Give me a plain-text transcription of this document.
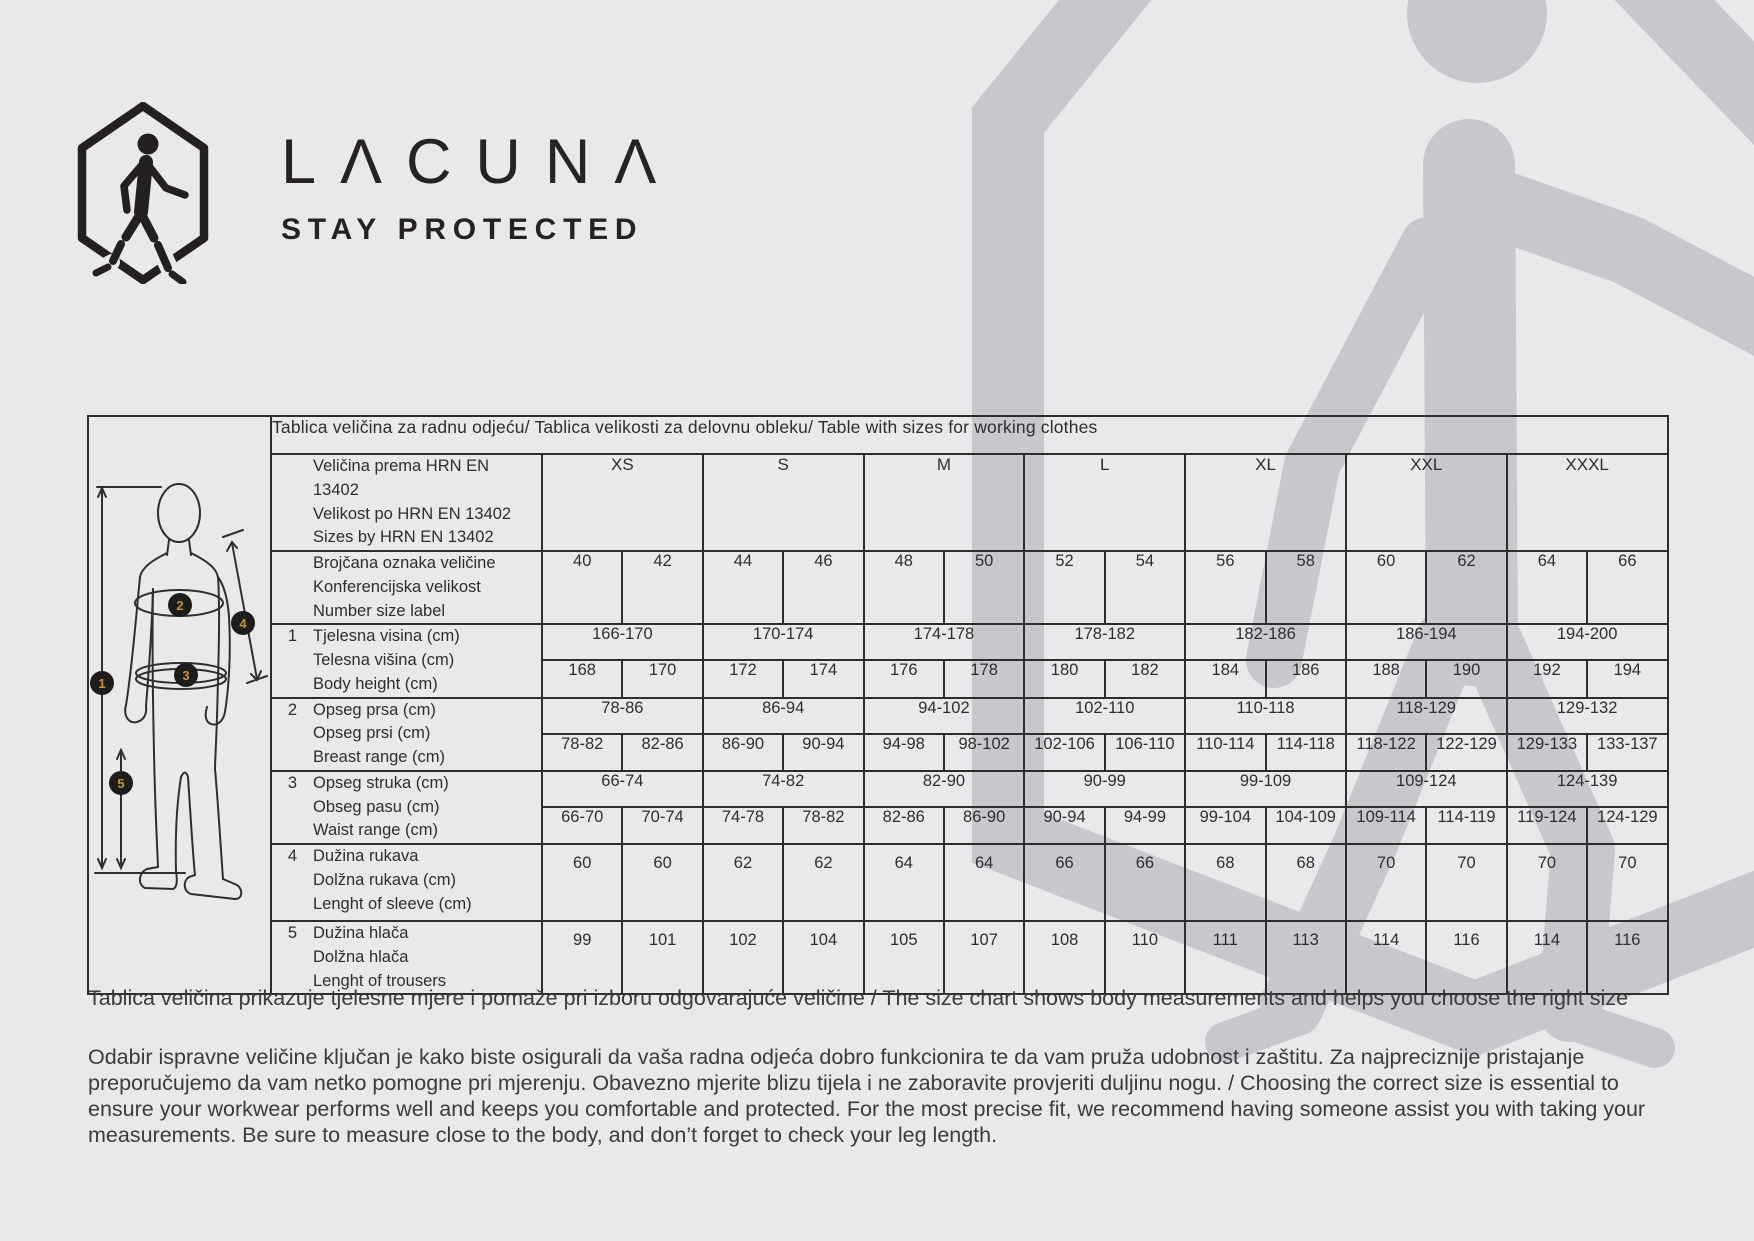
LΛCUNΛ
STAY PROTECTED
1
2
3
4
5	Tablica veličina za radnu odjeću/ Tablica velikosti za delovnu obleku/ Table with sizes for working clothes														

	Veličina prema HRN EN 13402
Velikost po HRN EN 13402
Sizes by HRN EN 13402	XS		S		M		L		XL		XXL		XXXL	

	Brojčana oznaka veličine
Konferencijska velikost
Number size label	40	42	44	46	48	50	52	54	56	58	60	62	64	66

	1 Tjelesna visina (cm)
Telesna višina (cm)
Body height (cm)	166-170		170-174		174-178		178-182		182-186		186-194		194-200	
		168	170	172	174	176	178	180	182	184	186	188	190	192	194

	2 Opseg prsa (cm)
Opseg prsi (cm)
Breast range (cm)	78-86		86-94		94-102		102-110		110-118		118-129		129-132	
		78-82	82-86	86-90	90-94	94-98	98-102	102-106	106-110	110-114	114-118	118-122	122-129	129-133	133-137

	3 Opseg struka (cm)
Obseg pasu (cm)
Waist range (cm)	66-74		74-82		82-90		90-99		99-109		109-124		124-139	
		66-70	70-74	74-78	78-82	82-86	86-90	90-94	94-99	99-104	104-109	109-114	114-119	119-124	124-129

	4 Dužina rukava
Dolžna rukava (cm)
Lenght of sleeve (cm)	60	60	62	62	64	64	66	66	68	68	70	70	70	70

	5 Dužina hlača
Dolžna hlača
Lenght of trousers	99	101	102	104	105	107	108	110	111	113	114	116	114	116
Tablica veličina prikazuje tjelesne mjere i pomaže pri izboru odgovarajuće veličine / The size chart shows body measurements and helps you choose the right size
Odabir ispravne veličine ključan je kako biste osigurali da vaša radna odjeća dobro funkcionira te da vam pruža udobnost i zaštitu. Za najpreciznije pristajanje preporučujemo da vam netko pomogne pri mjerenju. Obavezno mjerite blizu tijela i ne zaboravite provjeriti duljinu nogu. / Choosing the correct size is essential to ensure your workwear performs well and keeps you comfortable and protected. For the most precise fit, we recommend having someone assist you with taking your measurements. Be sure to measure close to the body, and don’t forget to check your leg length.
